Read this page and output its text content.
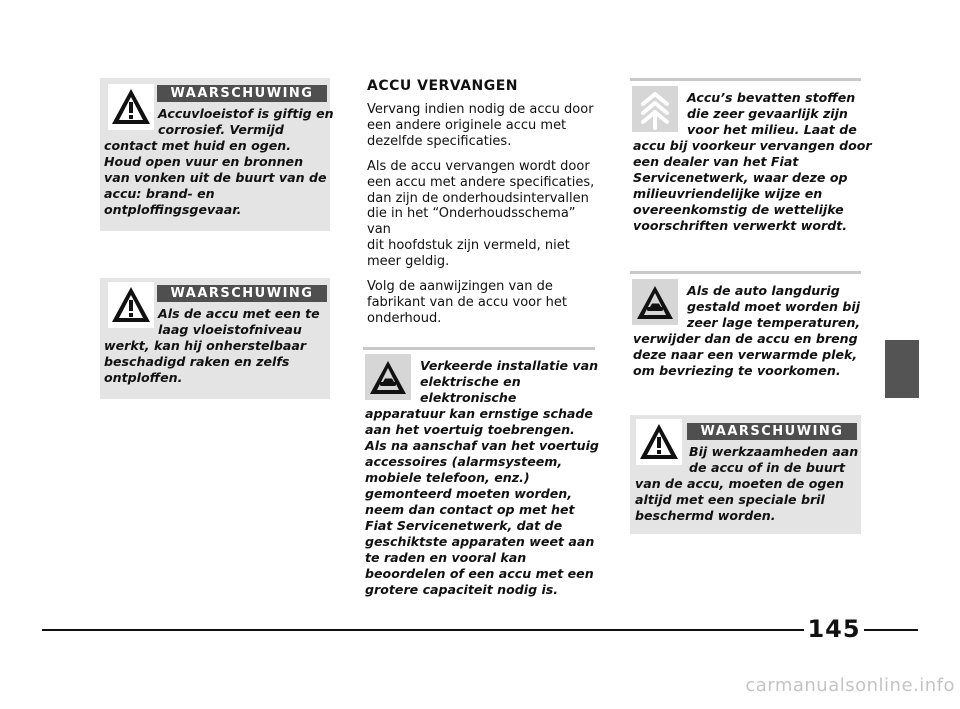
WAARSCHUWING

Accuvloeistof is giftig en

corrosief. Vermijd

contact met huid en ogen.

Houd open vuur en bronnen

van vonken uit de buurt van de

accu: brand- en

ontploffingsgevaar.

WAARSCHUWING

Als de accu met een te

laag vloeistofniveau

werkt, kan hij onherstelbaar

beschadigd raken en zelfs

ontploffen.

ACCU VERVANGEN

Vervang indien nodig de accu door
een andere originele accu met
dezelfde specificaties.

Als de accu vervangen wordt door
een accu met andere specificaties,
dan zijn de onderhoudsintervallen
die in het “Onderhoudsschema” van
dit hoofdstuk zijn vermeld, niet
meer geldig.

Volg de aanwijzingen van de
fabrikant van de accu voor het
onderhoud.

Verkeerde installatie van

elektrische en

elektronische

apparatuur kan ernstige schade

aan het voertuig toebrengen.

Als na aanschaf van het voertuig

accessoires (alarmsysteem,

mobiele telefoon, enz.)

gemonteerd moeten worden,

neem dan contact op met het

Fiat Servicenetwerk, dat de

geschiktste apparaten weet aan

te raden en vooral kan

beoordelen of een accu met een

grotere capaciteit nodig is.

Accu’s bevatten stoffen

die zeer gevaarlijk zijn

voor het milieu. Laat de

accu bij voorkeur vervangen door

een dealer van het Fiat

Servicenetwerk, waar deze op

milieuvriendelijke wijze en

overeenkomstig de wettelijke

voorschriften verwerkt wordt.

Als de auto langdurig

gestald moet worden bij

zeer lage temperaturen,

verwijder dan de accu en breng

deze naar een verwarmde plek,

om bevriezing te voorkomen.

WAARSCHUWING

Bij werkzaamheden aan

de accu of in de buurt

van de accu, moeten de ogen

altijd met een speciale bril

beschermd worden.

145
carmanualsonline.info
